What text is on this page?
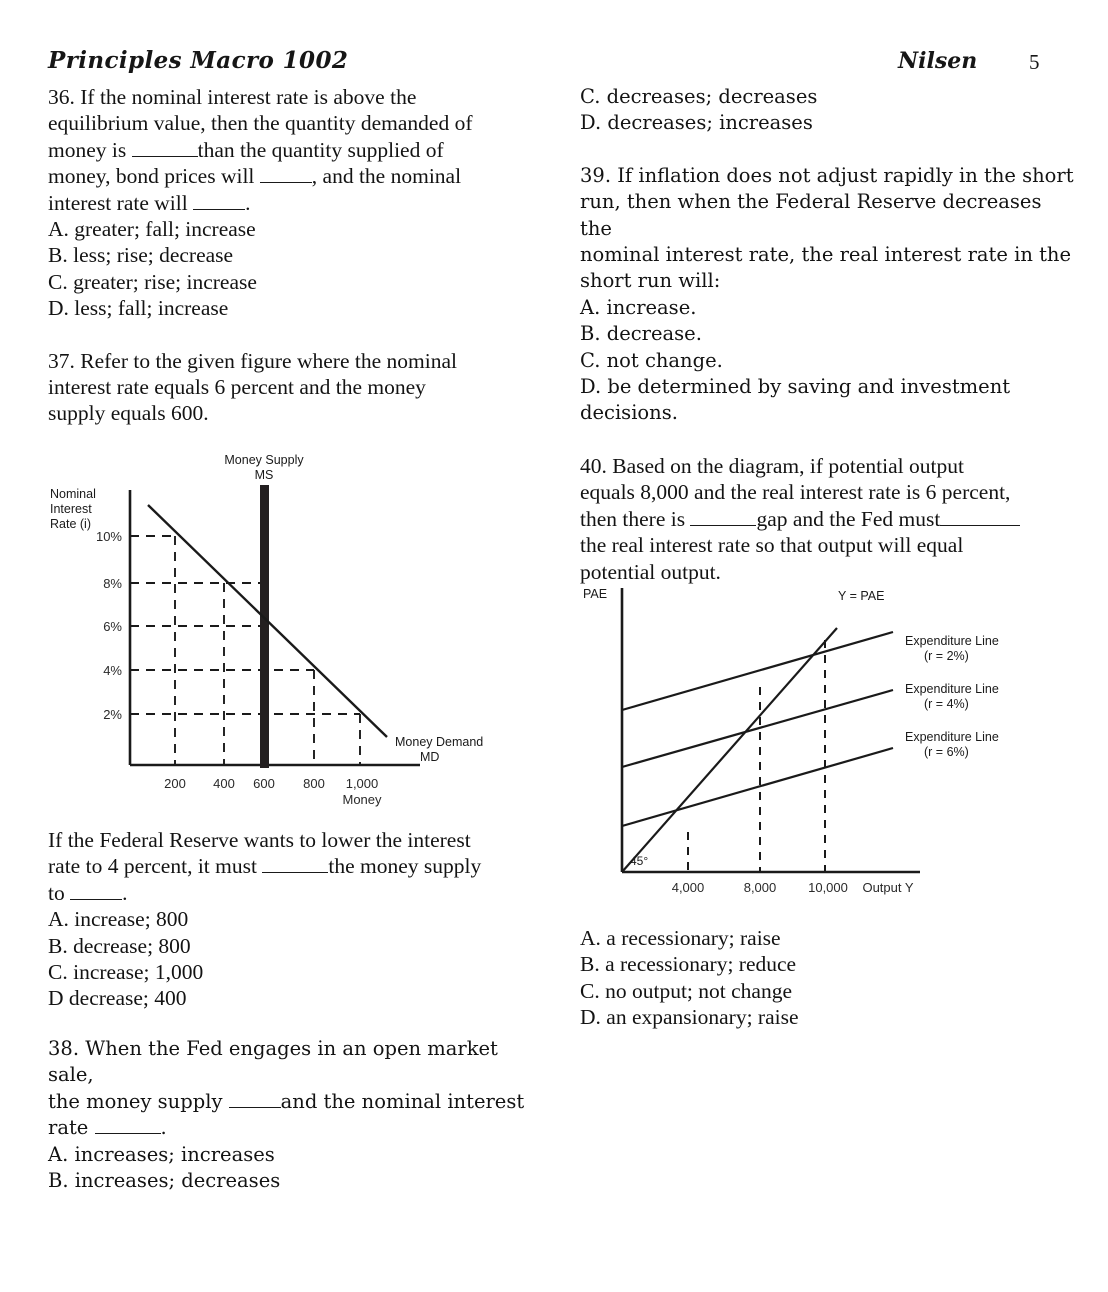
Principles Macro 1002	Nilsen 5
36. If the nominal interest rate is above the
equilibrium value, then the quantity demanded of
money is	than the quantity supplied of
money, bond prices will	, and the nominal
interest rate will	.
A. greater; fall; increase
B. less; rise; decrease
C. greater; rise; increase
D. less; fall; increase
37. Refer to the given figure where the nominal
interest rate equals 6 percent and the money
supply equals 600.
Nominal
Interest
Rate (i)
Money Supply
MS
10%
8%
6%
4%
2%
200 400 600 800 1,000
Money
Money Demand
MD
If the Federal Reserve wants to lower the interest
rate to 4 percent, it must	the money supply
to	.
A. increase; 800
B. decrease; 800
C. increase; 1,000
D decrease; 400
38. When the Fed engages in an open market sale,
the money supply	and the nominal interest
rate	.
A. increases; increases
B. increases; decreases
C. decreases; decreases
D. decreases; increases
39. If inflation does not adjust rapidly in the short
run, then when the Federal Reserve decreases the
nominal interest rate, the real interest rate in the
short run will:
A. increase.
B. decrease.
C. not change.
D. be determined by saving and investment
decisions.
40. Based on the diagram, if potential output
equals 8,000 and the real interest rate is 6 percent,
then there is	gap and the Fed must
the real interest rate so that output will equal
potential output.
PAE	Y = PAE
45°
Expenditure Line
(r = 2%)
Expenditure Line
(r = 4%)
Expenditure Line
(r = 6%)
4,000	8,000 10,000 Output Y
A. a recessionary; raise
B. a recessionary; reduce
C. no output; not change
D. an expansionary; raise
